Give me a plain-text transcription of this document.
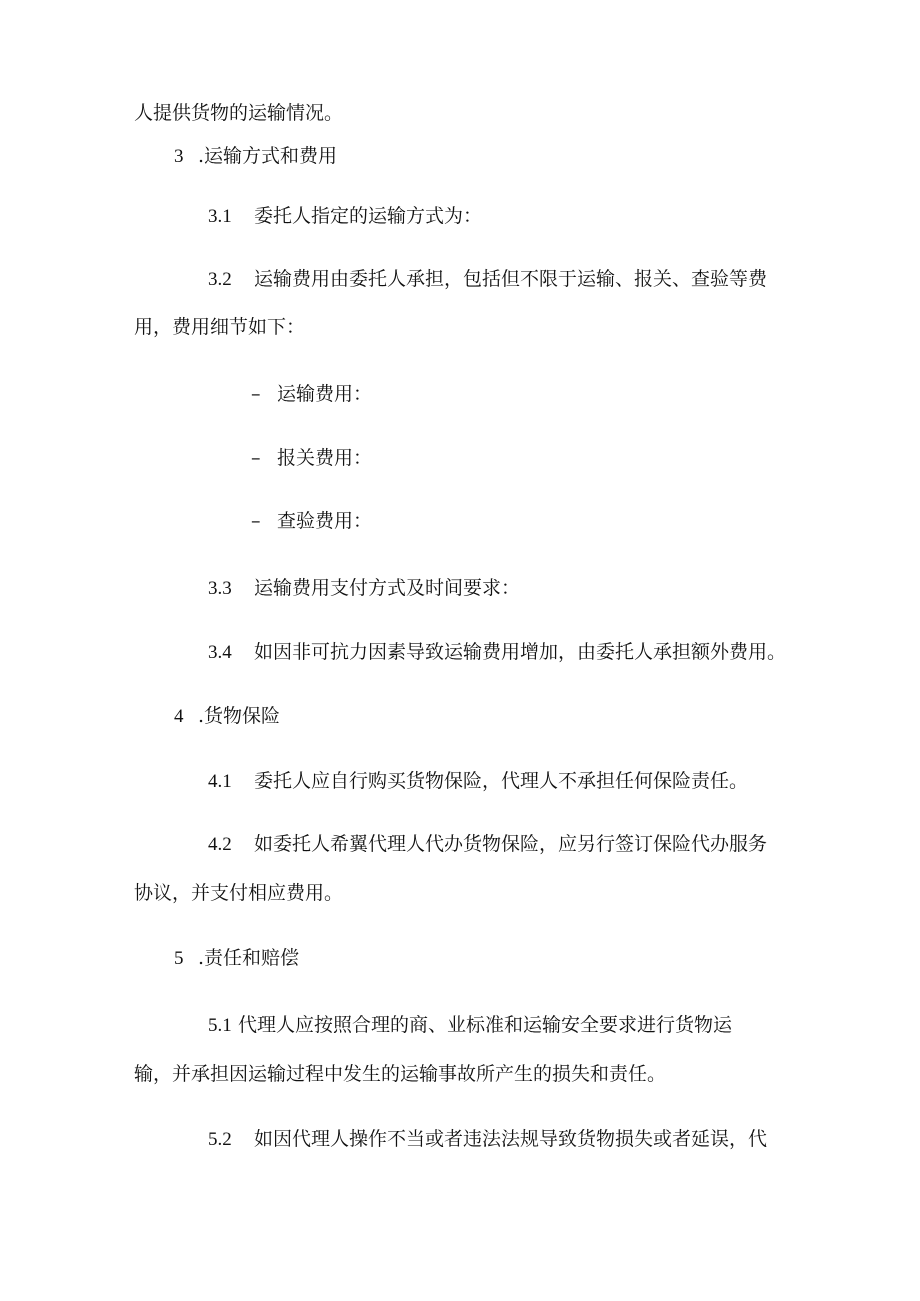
人提供货物的运输情况。

3 .运输方式和费用

3.1 委托人指定的运输方式为：

3.2 运输费用由委托人承担，包括但不限于运输、报关、查验等费

用，费用细节如下：

– 运输费用：

– 报关费用：

– 查验费用：

3.3 运输费用支付方式及时间要求：

3.4 如因非可抗力因素导致运输费用增加，由委托人承担额外费用。

4 .货物保险

4.1 委托人应自行购买货物保险，代理人不承担任何保险责任。

4.2 如委托人希翼代理人代办货物保险，应另行签订保险代办服务

协议，并支付相应费用。

5 .责任和赔偿

5.1 代理人应按照合理的商、业标准和运输安全要求进行货物运

输，并承担因运输过程中发生的运输事故所产生的损失和责任。

5.2 如因代理人操作不当或者违法法规导致货物损失或者延误，代
